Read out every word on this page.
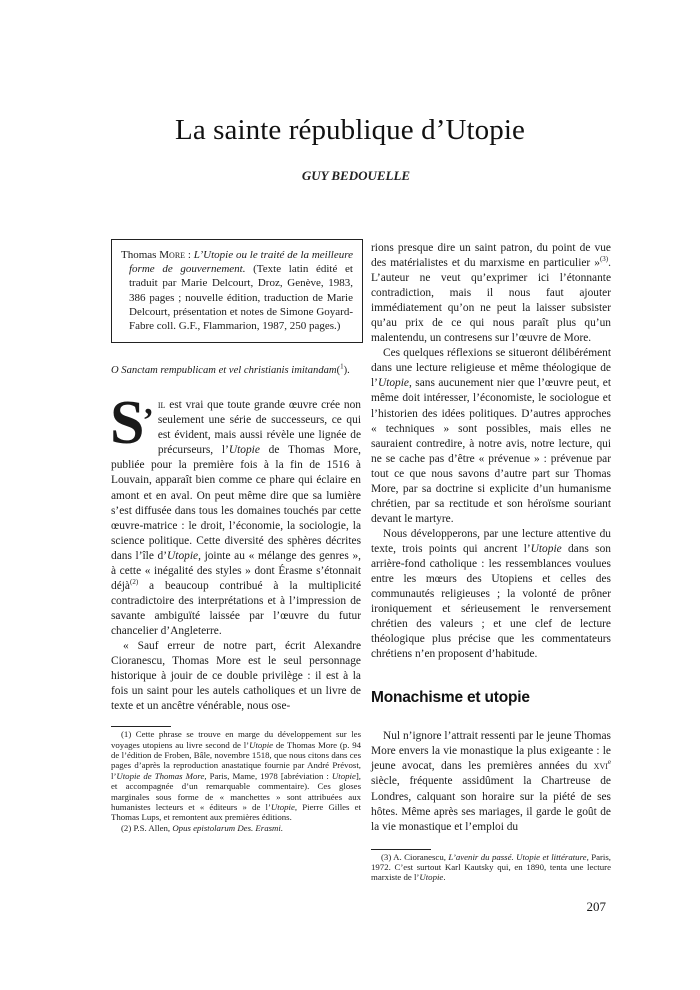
La sainte république d’Utopie
GUY BEDOUELLE

Thomas More : L’Utopie ou le traité de la meilleure forme de gouvernement. (Texte latin édité et traduit par Marie Delcourt, Droz, Genève, 1983, 386 pages ; nouvelle édition, traduction de Marie Delcourt, présentation et notes de Simone Goyard-Fabre coll. G.F., Flammarion, 1987, 250 pages.)

O Sanctam rempublicam et vel christianis imitandam($^1$).

S’ il est vrai que toute grande œuvre crée non seulement une série de successeurs, ce qui est évident, mais aussi révèle une lignée de précurseurs, l’Utopie de Thomas More, publiée pour la première fois à la fin de 1516 à Louvain, apparaît bien comme ce phare qui éclaire en amont et en aval. On peut même dire que sa lumière s’est diffusée dans tous les domaines touchés par cette œuvre-matrice : le droit, l’économie, la sociologie, la science politique. Cette diversité des sphères décrites dans l’île d’Utopie, jointe au « mélange des genres », à cette « inégalité des styles » dont Érasme s’étonnait déjà$^{(2)}$ a beaucoup contribué à la multiplicité contradictoire des interprétations et à l’impression de savante ambiguïté laissée par l’œuvre du futur chancelier d’Angleterre.

« Sauf erreur de notre part, écrit Alexandre Cioranescu, Thomas More est le seul personnage historique à jouir de ce double privilège : il est à la fois un saint pour les autels catholiques et un livre de texte et un ancêtre vénérable, nous ose-

(1) Cette phrase se trouve en marge du développement sur les voyages utopiens au livre second de l’Utopie de Thomas More (p. 94 de l’édition de Froben, Bâle, novembre 1518, que nous citons dans ces pages d’après la reproduction anastatique fournie par André Prévost, l’Utopie de Thomas More, Paris, Mame, 1978 [abréviation : Utopie], et accompagnée d’un remarquable commentaire). Ces gloses marginales sous forme de « manchettes » sont attribuées aux humanistes lecteurs et « éditeurs » de l’Utopie, Pierre Gilles et Thomas Lups, et remontent aux premières éditions.

(2) P.S. Allen, Opus epistolarum Des. Erasmi.

rions presque dire un saint patron, du point de vue des matérialistes et du marxisme en particulier »$^{(3)}$. L’auteur ne veut qu’exprimer ici l’étonnante contradiction, mais il nous faut ajouter immédiatement qu’on ne peut la laisser subsister qu’au prix de ce qui nous paraît plus qu’un malentendu, un contresens sur l’œuvre de More.

Ces quelques réflexions se situeront délibérément dans une lecture religieuse et même théologique de l’Utopie, sans aucunement nier que l’œuvre peut, et même doit intéresser, l’économiste, le sociologue et l’historien des idées politiques. D’autres approches « techniques » sont possibles, mais elles ne sauraient contredire, à notre avis, notre lecture, qui ne se cache pas d’être « prévenue » : prévenue par tout ce que nous savons d’autre part sur Thomas More, par sa doctrine si explicite d’un humanisme chrétien, par sa rectitude et son héroïsme souriant devant le martyre.

Nous développerons, par une lecture attentive du texte, trois points qui ancrent l’Utopie dans son arrière-fond catholique : les ressemblances voulues entre les mœurs des Utopiens et celles des communautés religieuses ; la volonté de prôner ironiquement et sérieusement le renversement chrétien des valeurs ; et une clef de lecture théologique plus précise que les commentateurs chrétiens n’en proposent d’habitude.

Monachisme et utopie

Nul n’ignore l’attrait ressenti par le jeune Thomas More envers la vie monastique la plus exigeante : le jeune avocat, dans les premières années du xvi$^e$ siècle, fréquente assidûment la Chartreuse de Londres, calquant son horaire sur la piété de ses hôtes. Même après ses mariages, il garde le goût de la vie monastique et l’emploi du

(3) A. Cioranescu, L’avenir du passé. Utopie et littérature, Paris, 1972. C’est surtout Karl Kautsky qui, en 1890, tenta une lecture marxiste de l’Utopie.

207
